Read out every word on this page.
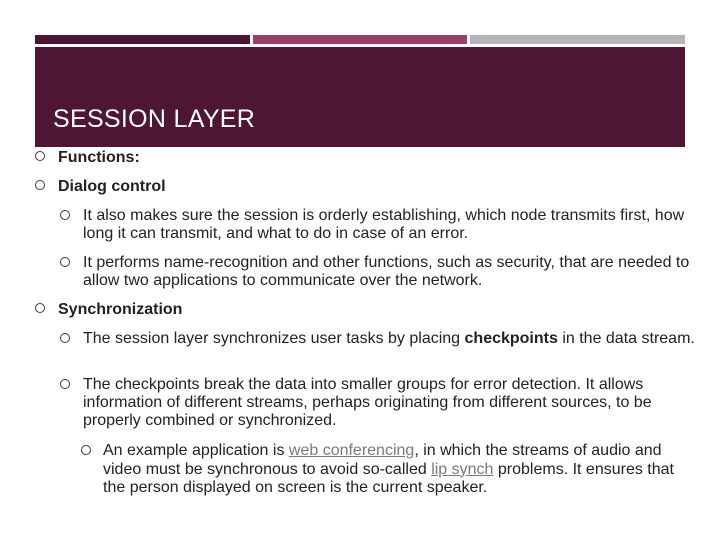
SESSION LAYER
Functions:
Dialog control
It also makes sure the session is orderly establishing, which node transmits first, how long it can transmit, and what to do in case of an error.
It performs name-recognition and other functions, such as security, that are needed to allow two applications to communicate over the network.
Synchronization
The session layer synchronizes user tasks by placing checkpoints in the data stream.
The checkpoints break the data into smaller groups for error detection. It allows information of different streams, perhaps originating from different sources, to be properly combined or synchronized.
An example application is web conferencing, in which the streams of audio and video must be synchronous to avoid so-called lip synch problems. It ensures that the person displayed on screen is the current speaker.
